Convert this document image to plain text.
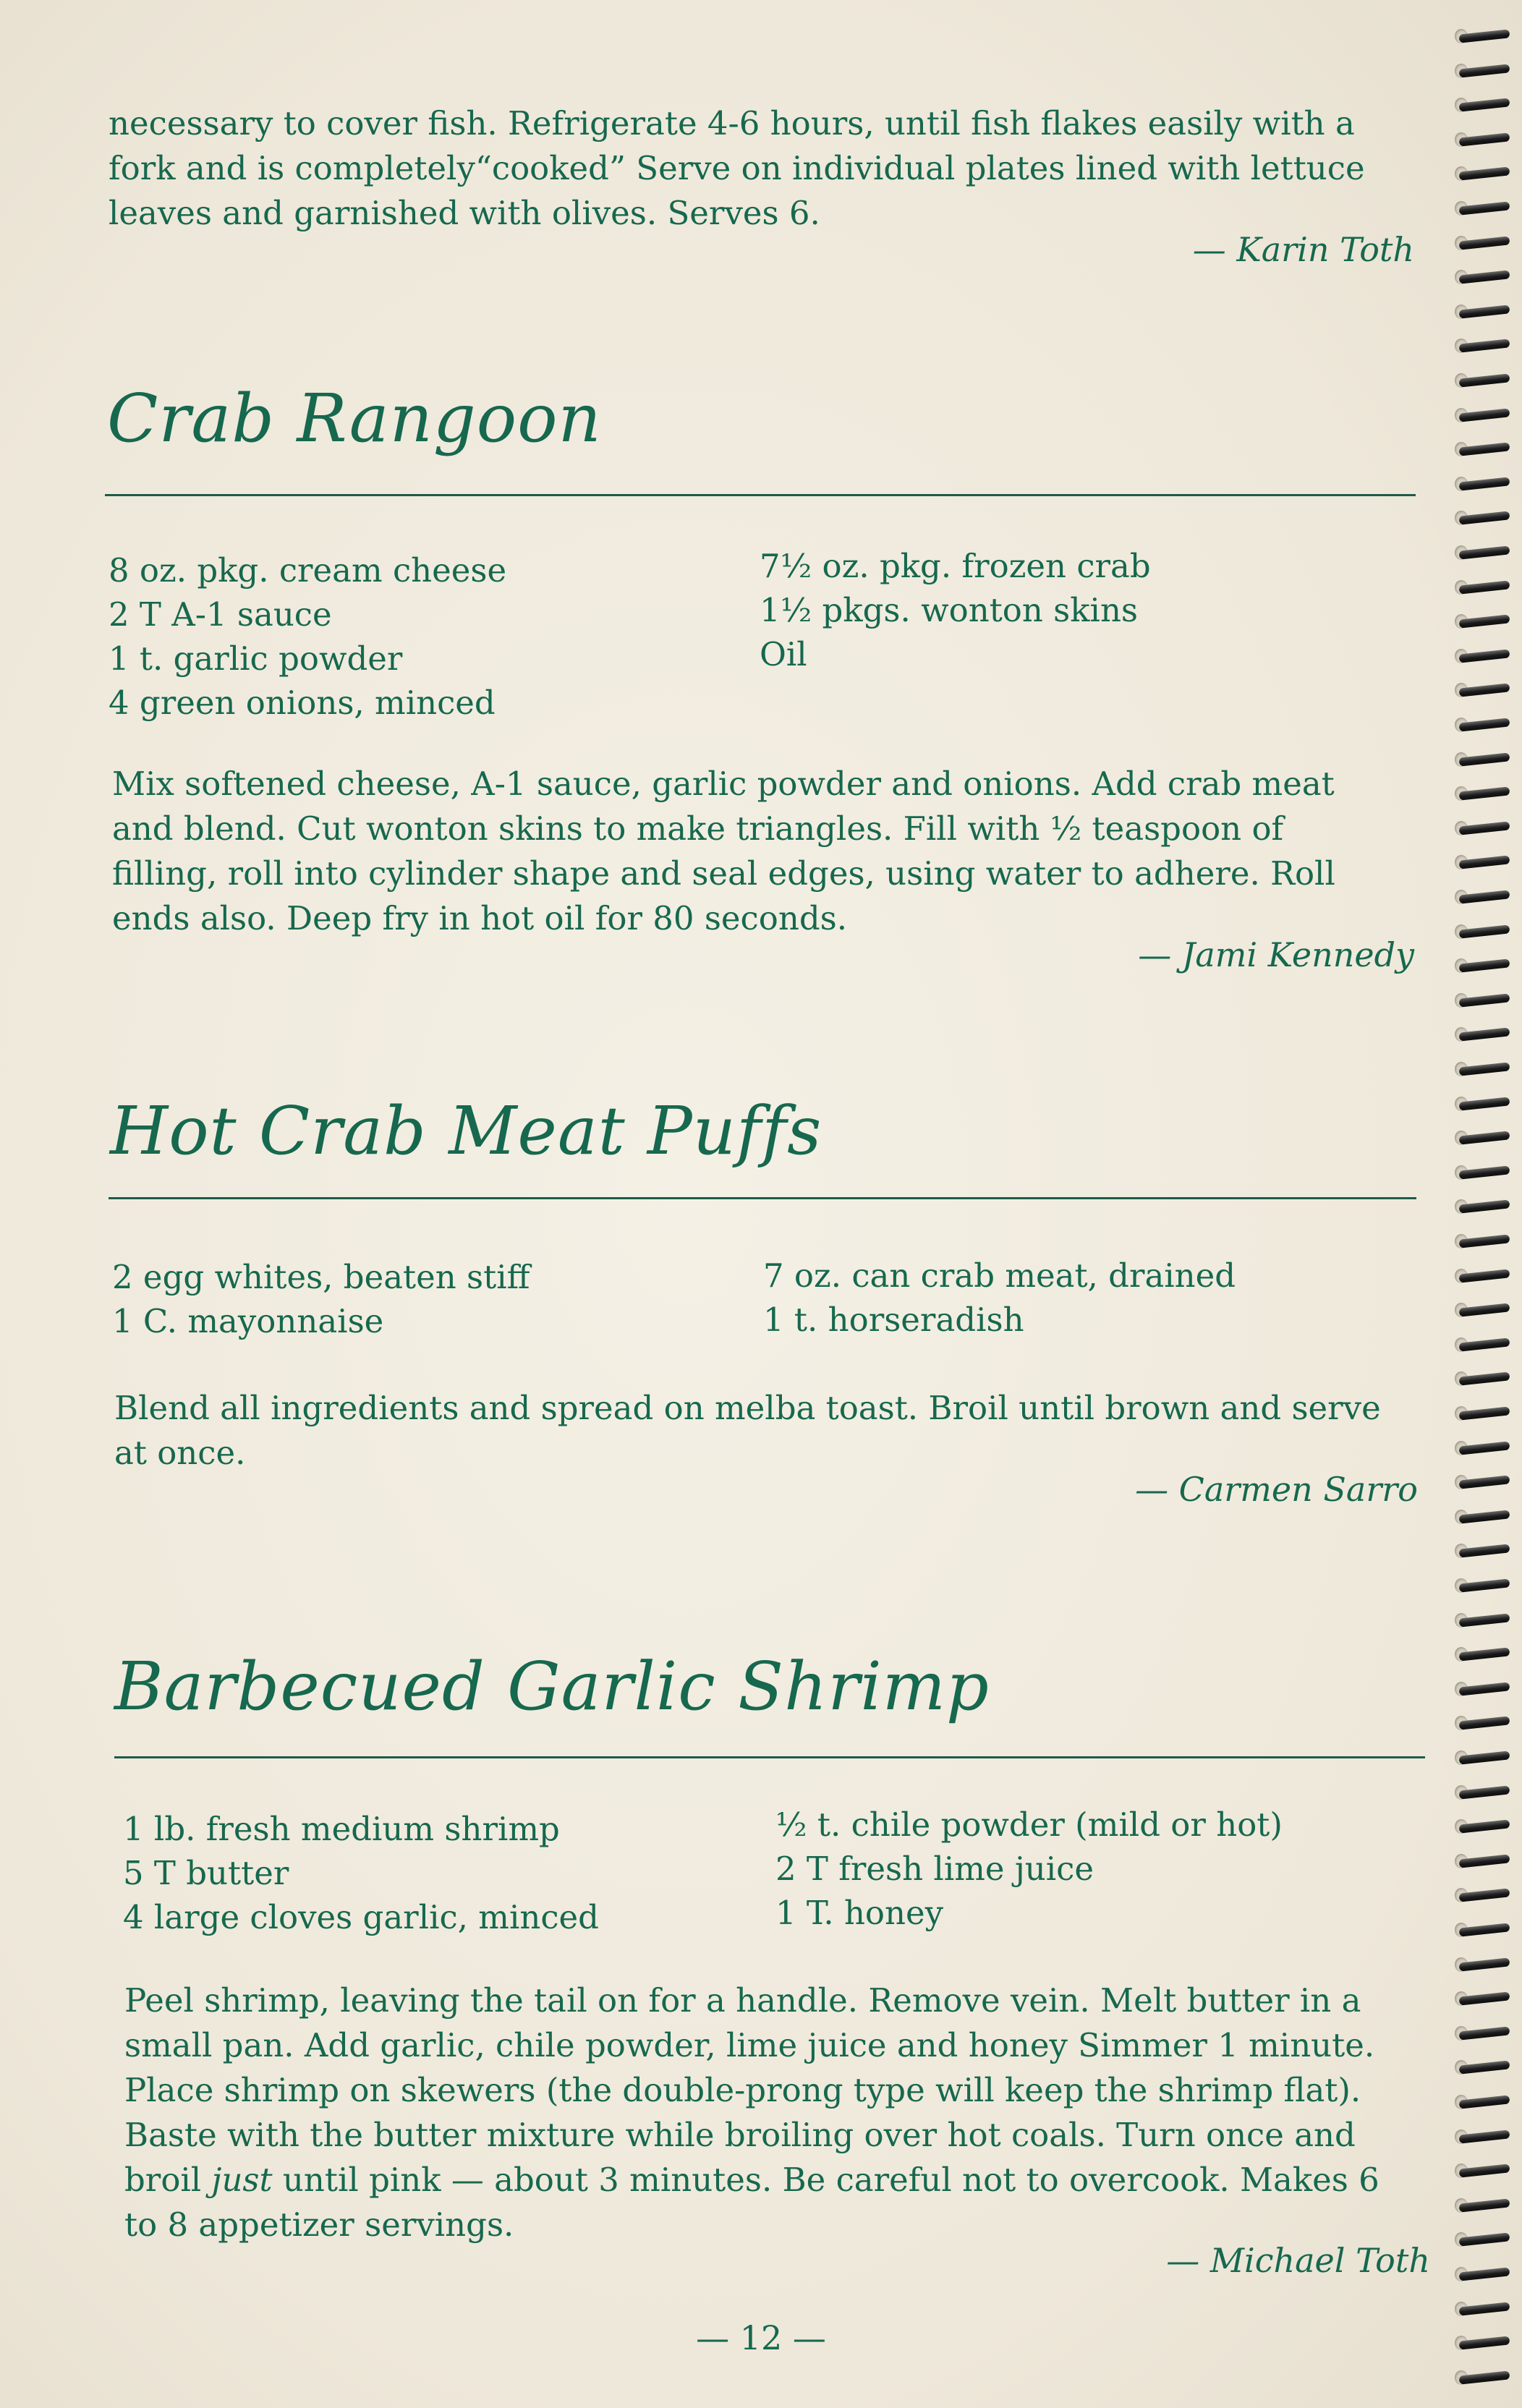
necessary to cover fish. Refrigerate 4-6 hours, until fish flakes easily with a

fork and is completely“cooked” Serve on individual plates lined with lettuce

leaves and garnished with olives. Serves 6.

— Karin Toth

Crab Rangoon
8 oz. pkg. cream cheese
2 T A-1 sauce
1 t. garlic powder
4 green onions, minced
7½ oz. pkg. frozen crab
1½ pkgs. wonton skins
Oil

Mix softened cheese, A-1 sauce, garlic powder and onions. Add crab meat

and blend. Cut wonton skins to make triangles. Fill with ½ teaspoon of

filling, roll into cylinder shape and seal edges, using water to adhere. Roll

ends also. Deep fry in hot oil for 80 seconds.

— Jami Kennedy

Hot Crab Meat Puffs
2 egg whites, beaten stiff
1 C. mayonnaise
7 oz. can crab meat, drained
1 t. horseradish

Blend all ingredients and spread on melba toast. Broil until brown and serve

at once.

— Carmen Sarro

Barbecued Garlic Shrimp
1 lb. fresh medium shrimp
5 T butter
4 large cloves garlic, minced
½ t. chile powder (mild or hot)
2 T fresh lime juice
1 T. honey

Peel shrimp, leaving the tail on for a handle. Remove vein. Melt butter in a

small pan. Add garlic, chile powder, lime juice and honey Simmer 1 minute.

Place shrimp on skewers (the double-prong type will keep the shrimp flat).

Baste with the butter mixture while broiling over hot coals. Turn once and

broil just until pink — about 3 minutes. Be careful not to overcook. Makes 6

to 8 appetizer servings.

— Michael Toth

— 12 —
